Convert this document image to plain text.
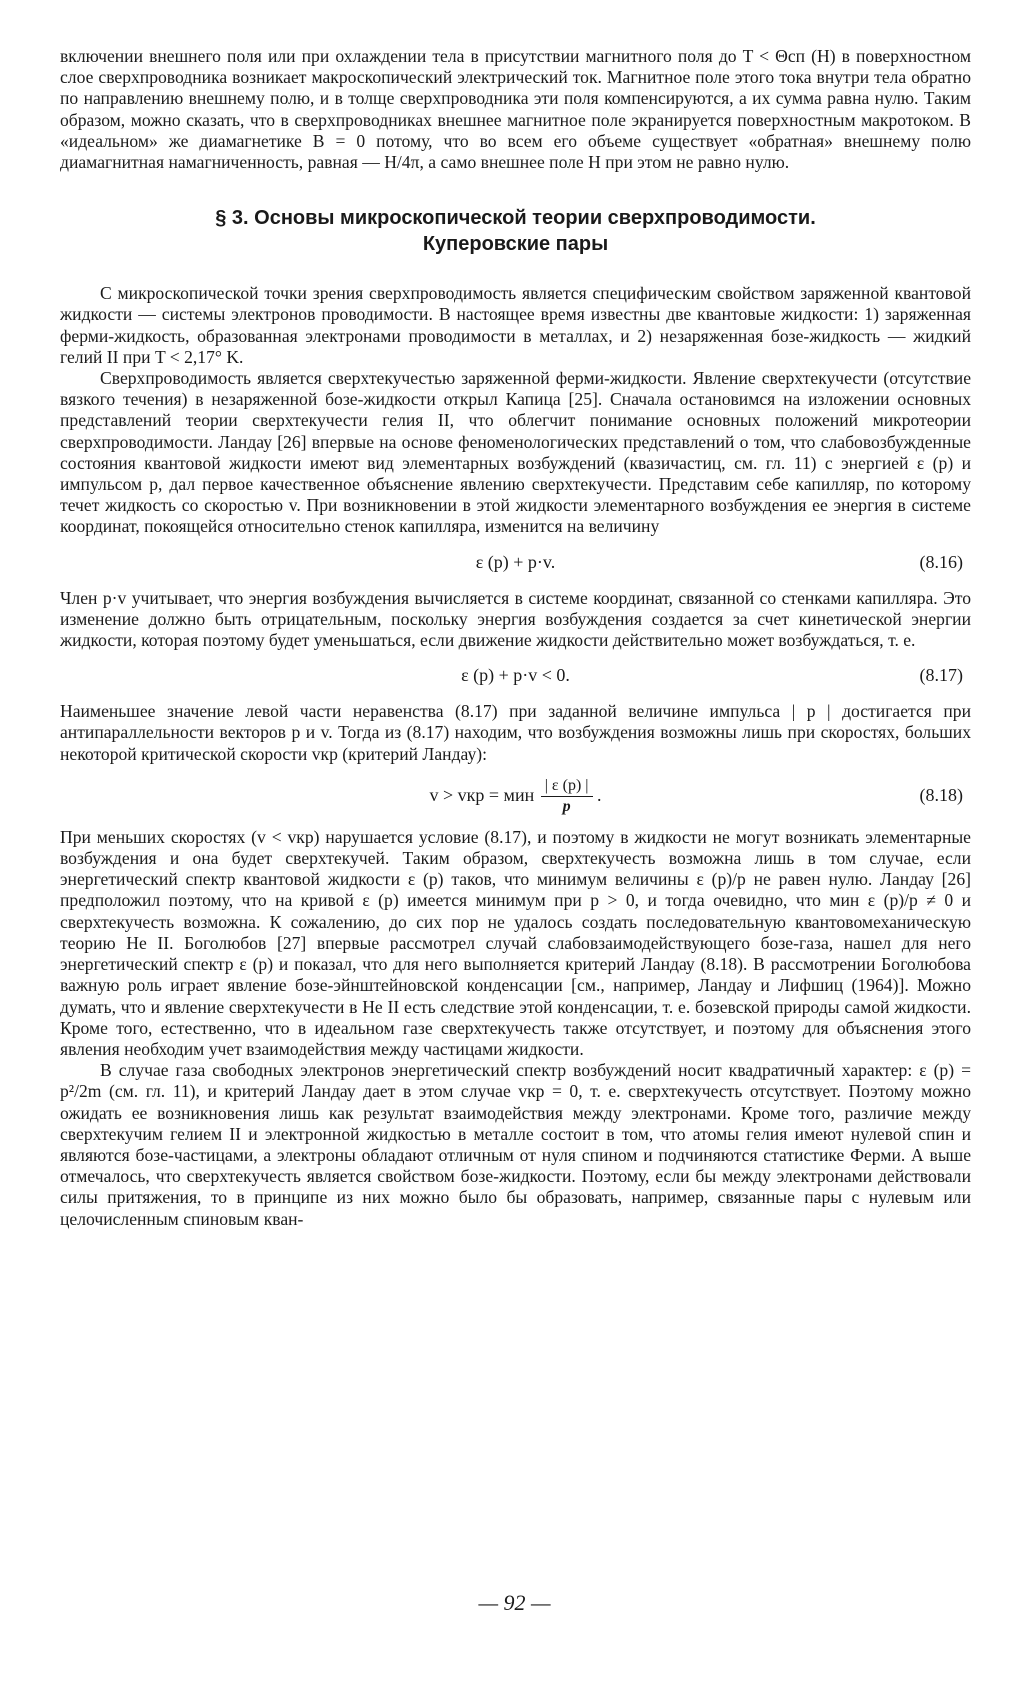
включении внешнего поля или при охлаждении тела в присутствии магнитного поля до T < Θсп (H) в поверхностном слое сверхпроводника возникает макроскопический электрический ток. Магнитное поле этого тока внутри тела обратно по направлению внешнему полю, и в толще сверхпроводника эти поля компенсируются, а их сумма равна нулю. Таким образом, можно сказать, что в сверхпроводниках внешнее магнитное поле экранируется поверхностным макротоком. В «идеальном» же диамагнетике B = 0 потому, что во всем его объеме существует «обратная» внешнему полю диамагнитная намагниченность, равная — H/4π, а само внешнее поле H при этом не равно нулю.

§ 3. Основы микроскопической теории сверхпроводимости.
Куперовские пары

С микроскопической точки зрения сверхпроводимость является специфическим свойством заряженной квантовой жидкости — системы электронов проводимости. В настоящее время известны две квантовые жидкости: 1) заряженная ферми-жидкость, образованная электронами проводимости в металлах, и 2) незаряженная бозе-жидкость — жидкий гелий II при T < 2,17° K.

Сверхпроводимость является сверхтекучестью заряженной ферми-жидкости. Явление сверхтекучести (отсутствие вязкого течения) в незаряженной бозе-жидкости открыл Капица [25]. Сначала остановимся на изложении основных представлений теории сверхтекучести гелия II, что облегчит понимание основных положений микротеории сверхпроводимости. Ландау [26] впервые на основе феноменологических представлений о том, что слабовозбужденные состояния квантовой жидкости имеют вид элементарных возбуждений (квазичастиц, см. гл. 11) с энергией ε (p) и импульсом p, дал первое качественное объяснение явлению сверхтекучести. Представим себе капилляр, по которому течет жидкость со скоростью v. При возникновении в этой жидкости элементарного возбуждения ее энергия в системе координат, покоящейся относительно стенок капилляра, изменится на величину

ε (p) + p·v.	(8.16)

Член p·v учитывает, что энергия возбуждения вычисляется в системе координат, связанной со стенками капилляра. Это изменение должно быть отрицательным, поскольку энергия возбуждения создается за счет кинетической энергии жидкости, которая поэтому будет уменьшаться, если движение жидкости действительно может возбуждаться, т. е.

ε (p) + p·v < 0.	(8.17)

Наименьшее значение левой части неравенства (8.17) при заданной величине импульса | p | достигается при антипараллельности векторов p и v. Тогда из (8.17) находим, что возбуждения возможны лишь при скоростях, больших некоторой критической скорости vкр (критерий Ландау):

v > vкр = мин $\frac{| \varepsilon (p) |}{p}$ .	(8.18)

При меньших скоростях (v < vкр) нарушается условие (8.17), и поэтому в жидкости не могут возникать элементарные возбуждения и она будет сверхтекучей. Таким образом, сверхтекучесть возможна лишь в том случае, если энергетический спектр квантовой жидкости ε (p) таков, что минимум величины ε (p)/p не равен нулю. Ландау [26] предположил поэтому, что на кривой ε (p) имеется минимум при p > 0, и тогда очевидно, что мин ε (p)/p ≠ 0 и сверхтекучесть возможна. К сожалению, до сих пор не удалось создать последовательную квантовомеханическую теорию He II. Боголюбов [27] впервые рассмотрел случай слабовзаимодействующего бозе-газа, нашел для него энергетический спектр ε (p) и показал, что для него выполняется критерий Ландау (8.18). В рассмотрении Боголюбова важную роль играет явление бозе-эйнштейновской конденсации [см., например, Ландау и Лифшиц (1964)]. Можно думать, что и явление сверхтекучести в He II есть следствие этой конденсации, т. е. бозевской природы самой жидкости. Кроме того, естественно, что в идеальном газе сверхтекучесть также отсутствует, и поэтому для объяснения этого явления необходим учет взаимодействия между частицами жидкости.

В случае газа свободных электронов энергетический спектр возбуждений носит квадратичный характер: ε (p) = p²/2m (см. гл. 11), и критерий Ландау дает в этом случае vкр = 0, т. е. сверхтекучесть отсутствует. Поэтому можно ожидать ее возникновения лишь как результат взаимодействия между электронами. Кроме того, различие между сверхтекучим гелием II и электронной жидкостью в металле состоит в том, что атомы гелия имеют нулевой спин и являются бозе-частицами, а электроны обладают отличным от нуля спином и подчиняются статистике Ферми. А выше отмечалось, что сверхтекучесть является свойством бозе-жидкости. Поэтому, если бы между электронами действовали силы притяжения, то в принципе из них можно было бы образовать, например, связанные пары с нулевым или целочисленным спиновым кван-

— 92 —
